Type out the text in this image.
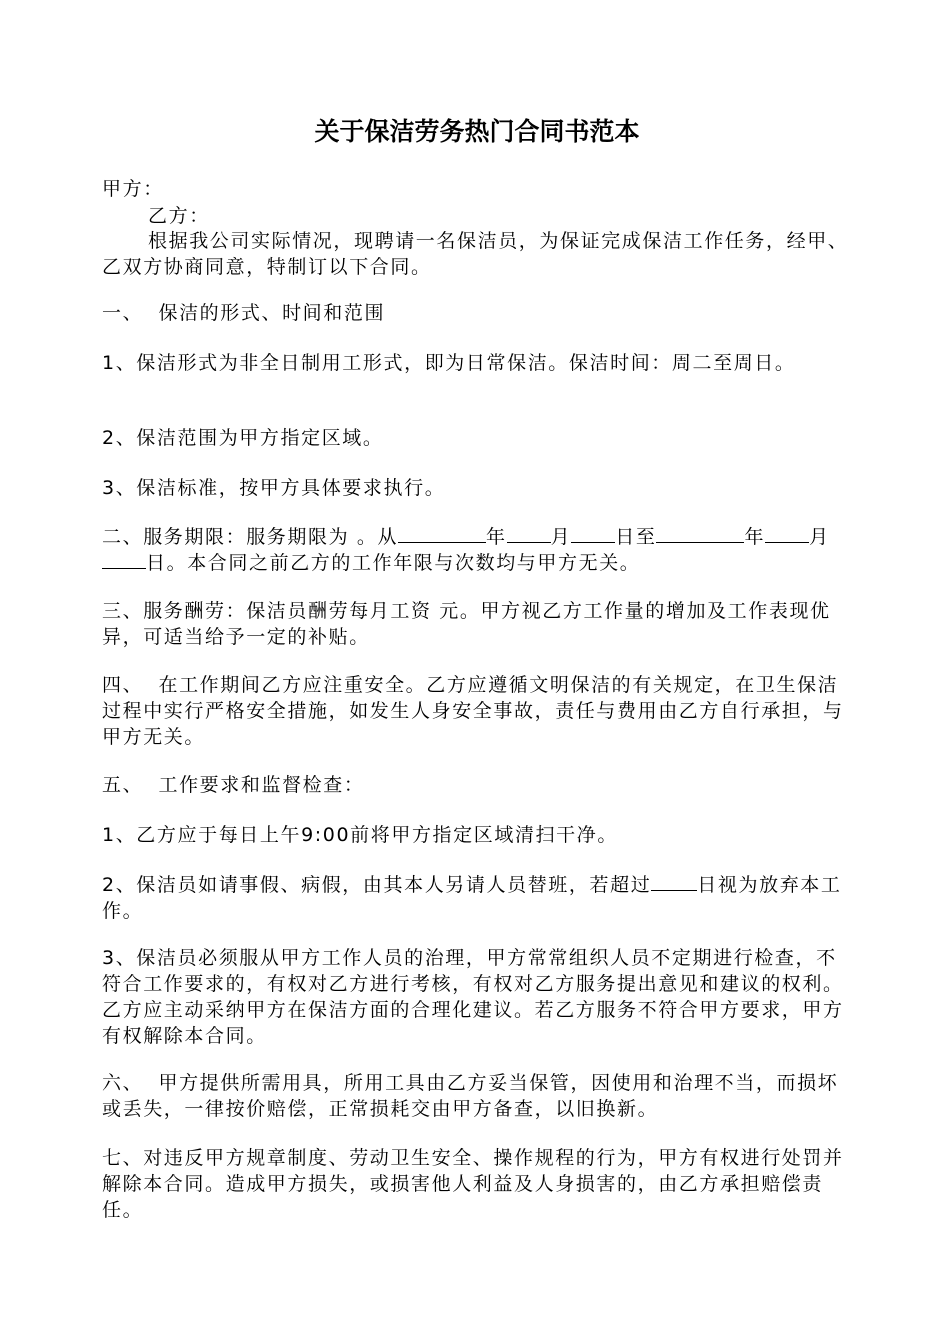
关于保洁劳务热门合同书范本

甲方：

乙方：

根据我公司实际情况，现聘请一名保洁员，为保证完成保洁工作任务，经甲、乙双方协商同意，特制订以下合同。

一、  保洁的形式、时间和范围

1、保洁形式为非全日制用工形式，即为日常保洁。保洁时间：周二至周日。

2、保洁范围为甲方指定区域。

3、保洁标准，按甲方具体要求执行。

二、服务期限：服务期限为 。从	年 月 日至	年 月日。本合同之前乙方的工作年限与次数均与甲方无关。

三、服务酬劳：保洁员酬劳每月工资 元。甲方视乙方工作量的增加及工作表现优异，可适当给予一定的补贴。

四、  在工作期间乙方应注重安全。乙方应遵循文明保洁的有关规定，在卫生保洁过程中实行严格安全措施，如发生人身安全事故，责任与费用由乙方自行承担，与甲方无关。

五、  工作要求和监督检查：

1、乙方应于每日上午9:00前将甲方指定区域清扫干净。

2、保洁员如请事假、病假，由其本人另请人员替班，若超过 日视为放弃本工作。

3、保洁员必须服从甲方工作人员的治理，甲方常常组织人员不定期进行检查，不符合工作要求的，有权对乙方进行考核，有权对乙方服务提出意见和建议的权利。乙方应主动采纳甲方在保洁方面的合理化建议。若乙方服务不符合甲方要求，甲方有权解除本合同。

六、  甲方提供所需用具，所用工具由乙方妥当保管，因使用和治理不当，而损坏或丢失，一律按价赔偿，正常损耗交由甲方备查，以旧换新。

七、对违反甲方规章制度、劳动卫生安全、操作规程的行为，甲方有权进行处罚并解除本合同。造成甲方损失，或损害他人利益及人身损害的，由乙方承担赔偿责任。
